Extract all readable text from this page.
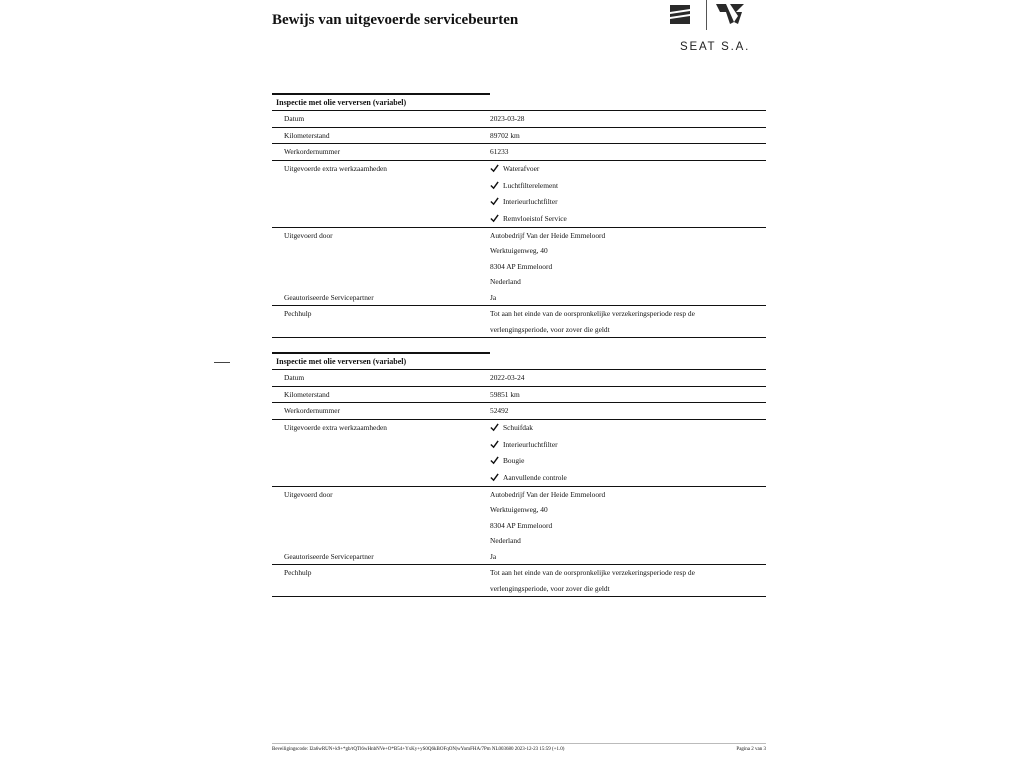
Bewijs van uitgevoerde servicebeurten
SEAT S.A.
Inspectie met olie verversen (variabel)
Datum	2023-03-28
Kilometerstand	89702 km
Werkordernummer	61233
Uitgevoerde extra werkzaamheden	Waterafvoer
Luchtfilterelement
Interieurluchtfilter
Remvloeistof Service
Uitgevoerd door	Autobedrijf Van der Heide Emmeloord
Werktuigenweg, 40
8304 AP Emmeloord
Nederland
Geautoriseerde Servicepartner	Ja
Pechhulp	Tot aan het einde van de oorspronkelijke verzekeringsperiode resp de
verlengingsperiode, voor zover die geldt
Inspectie met olie verversen (variabel)
Datum	2022-03-24
Kilometerstand	59851 km
Werkordernummer	52492
Uitgevoerde extra werkzaamheden	Schuifdak
Interieurluchtfilter
Bougie
Aanvullende controle
Uitgevoerd door	Autobedrijf Van der Heide Emmeloord
Werktuigenweg, 40
8304 AP Emmeloord
Nederland
Geautoriseerde Servicepartner	Ja
Pechhulp	Tot aan het einde van de oorspronkelijke verzekeringsperiode resp de
verlengingsperiode, voor zover die geldt
Beveiligingscode: I2a6wRUN+k9+*gb/tQTl6wHnbNVe+O*B54+YxKy+yS0Q6kBOFqON|wYomFHA/7Pm NL003680 2023-12-23 15:59 (+1.0)	Pagina 2 van 3
